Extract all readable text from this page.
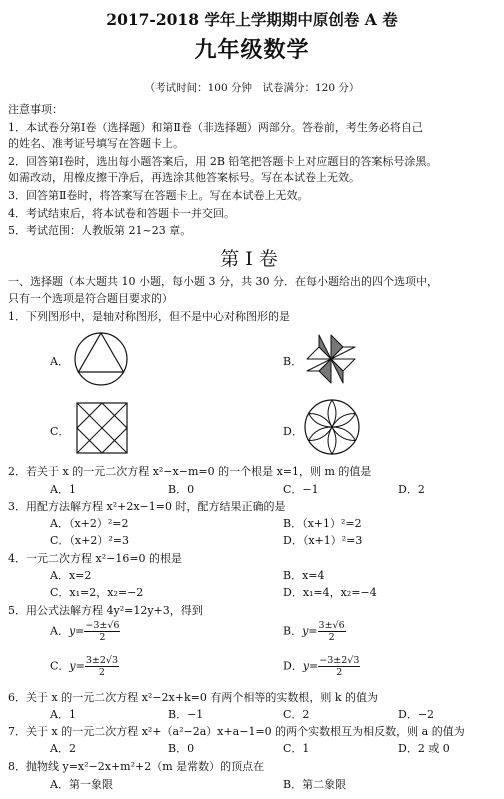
2017-2018 学年上学期期中原创卷 A 卷
九年级数学
（考试时间：100 分钟　试卷满分：120 分）
注意事项：
1．本试卷分第Ⅰ卷（选择题）和第Ⅱ卷（非选择题）两部分。答卷前，考生务必将自己
的姓名、准考证号填写在答题卡上。
2．回答第Ⅰ卷时，选出每小题答案后，用 2B 铅笔把答题卡上对应题目的答案标号涂黑。
如需改动，用橡皮擦干净后，再选涂其他答案标号。写在本试卷上无效。
3．回答第Ⅱ卷时，将答案写在答题卡上。写在本试卷上无效。
4．考试结束后，将本试卷和答题卡一并交回。
5．考试范围：人教版第 21~23 章。
第Ⅰ卷
一、选择题（本大题共 10 小题，每小题 3 分，共 30 分．在每小题给出的四个选项中，
只有一个选项是符合题目要求的）
1．下列图形中，是轴对称图形，但不是中心对称图形的是
A．	B．
C．	D．
2．若关于 x 的一元二次方程 x²−x−m=0 的一个根是 x=1，则 m 的值是
A．1	B．0	C．−1	D．2
3．用配方法解方程 x²+2x−1=0 时，配方结果正确的是
A．（x+2）²=2	B．（x+1）²=2
C．（x+2）²=3	D．（x+1）²=3
4．一元二次方程 x²−16=0 的根是
A．x=2	B．x=4
C．x₁=2，x₂=−2	D．x₁=4，x₂=−4
5．用公式法解方程 4y²=12y+3，得到
A．$y= \frac{-3\pm√6}{2}$	B．$y= \frac{3\pm√6}{2}$
C．$y= \frac{3\pm 2√3}{2}$	D．$y= \frac{-3\pm 2√3}{2}$
6．关于 x 的一元二次方程 x²−2x+k=0 有两个相等的实数根，则 k 的值为
A．1	B．−1	C．2	D．−2
7．关于 x 的一元二次方程 x²+（a²−2a）x+a−1=0 的两个实数根互为相反数，则 a 的值为
A．2	B．0	C．1	D．2 或 0
8．抛物线 y=x²−2x+m²+2（m 是常数）的顶点在
A．第一象限	B．第二象限
